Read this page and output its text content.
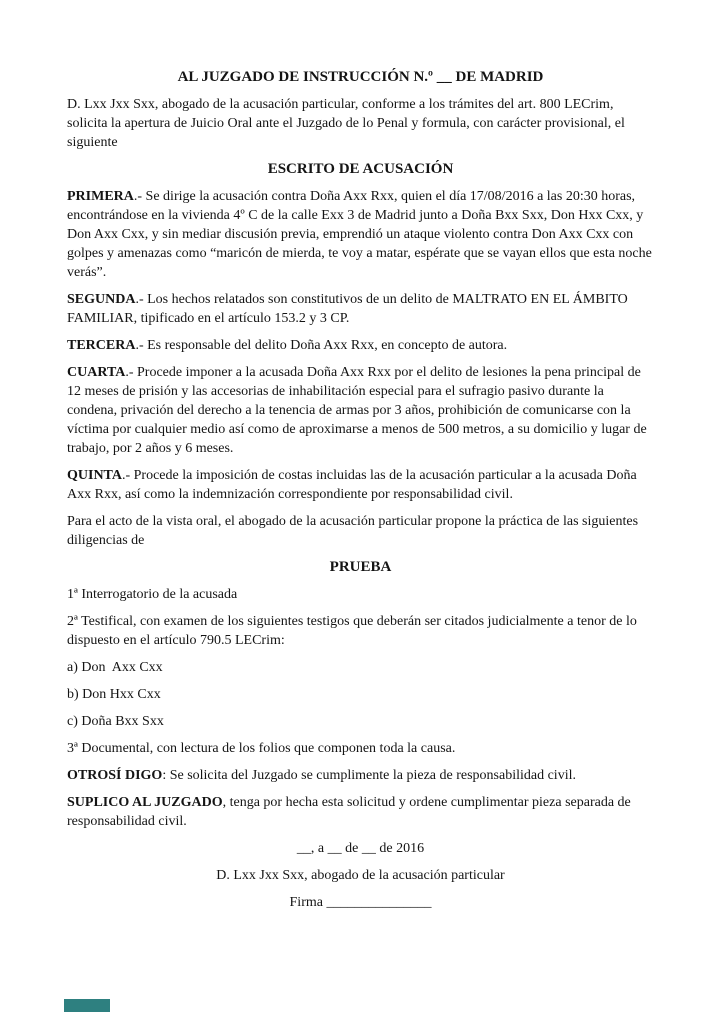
AL JUZGADO DE INSTRUCCIÓN N.º __ DE MADRID

D. Lxx Jxx Sxx, abogado de la acusación particular, conforme a los trámites del art. 800 LECrim, solicita la apertura de Juicio Oral ante el Juzgado de lo Penal y formula, con carácter provisional, el siguiente

ESCRITO DE ACUSACIÓN

PRIMERA.- Se dirige la acusación contra Doña Axx Rxx, quien el día 17/08/2016 a las 20:30 horas, encontrándose en la vivienda 4º C de la calle Exx 3 de Madrid junto a Doña Bxx Sxx, Don Hxx Cxx, y Don Axx Cxx, y sin mediar discusión previa, emprendió un ataque violento contra Don Axx Cxx con golpes y amenazas como “maricón de mierda, te voy a matar, espérate que se vayan ellos que esta noche verás”.

SEGUNDA.- Los hechos relatados son constitutivos de un delito de MALTRATO EN EL ÁMBITO FAMILIAR, tipificado en el artículo 153.2 y 3 CP.

TERCERA.- Es responsable del delito Doña Axx Rxx, en concepto de autora.

CUARTA.- Procede imponer a la acusada Doña Axx Rxx por el delito de lesiones la pena principal de 12 meses de prisión y las accesorias de inhabilitación especial para el sufragio pasivo durante la condena, privación del derecho a la tenencia de armas por 3 años, prohibición de comunicarse con la víctima por cualquier medio así como de aproximarse a menos de 500 metros, a su domicilio y lugar de trabajo, por 2 años y 6 meses.

QUINTA.- Procede la imposición de costas incluidas las de la acusación particular a la acusada Doña Axx Rxx, así como la indemnización correspondiente por responsabilidad civil.

Para el acto de la vista oral, el abogado de la acusación particular propone la práctica de las siguientes diligencias de

PRUEBA

1ª Interrogatorio de la acusada

2ª Testifical, con examen de los siguientes testigos que deberán ser citados judicialmente a tenor de lo dispuesto en el artículo 790.5 LECrim:

a) Don  Axx Cxx

b) Don Hxx Cxx

c) Doña Bxx Sxx

3ª Documental, con lectura de los folios que componen toda la causa.

OTROSÍ DIGO: Se solicita del Juzgado se cumplimente la pieza de responsabilidad civil.

SUPLICO AL JUZGADO, tenga por hecha esta solicitud y ordene cumplimentar pieza separada de responsabilidad civil.

__, a __ de __ de 2016

D. Lxx Jxx Sxx, abogado de la acusación particular

Firma _______________
